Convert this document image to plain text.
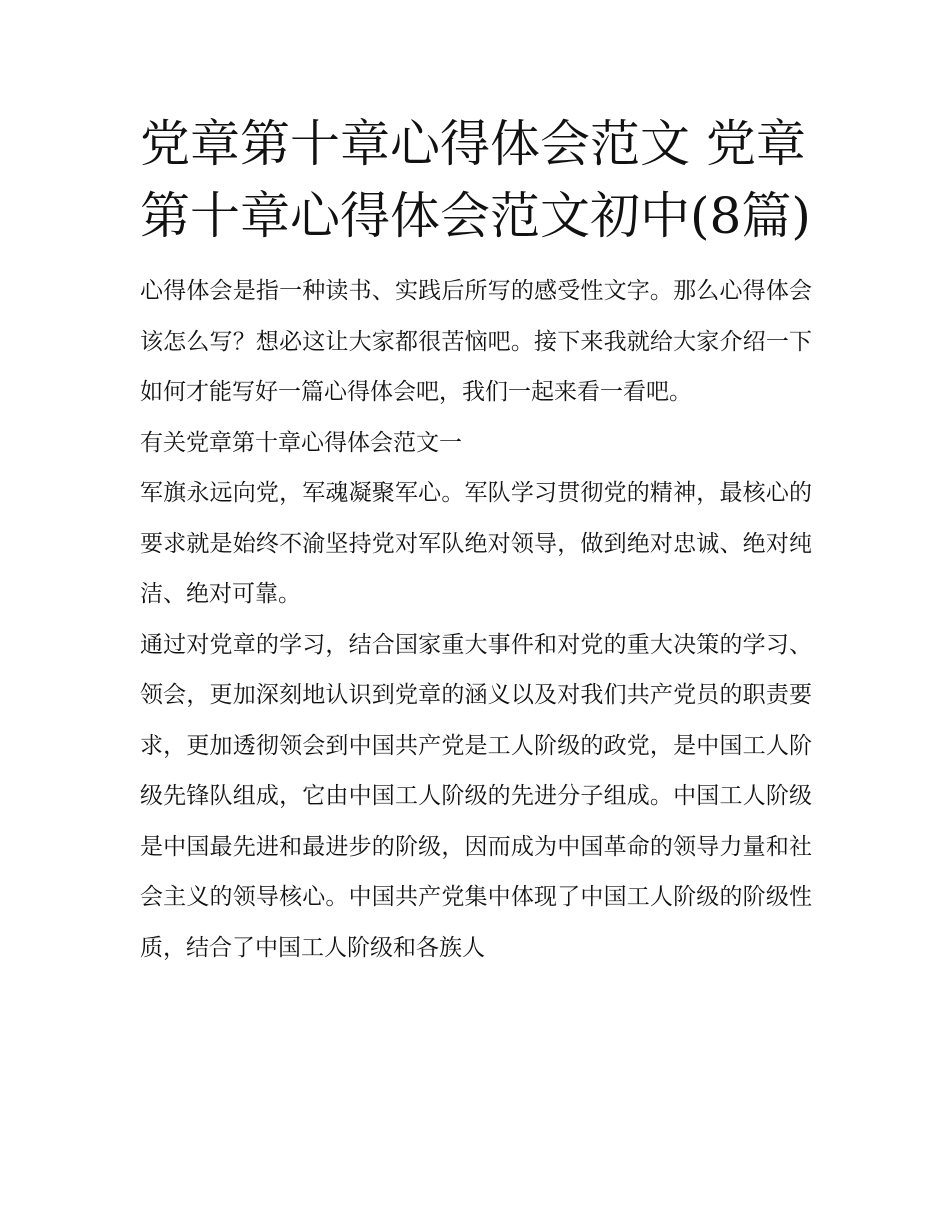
党章第十章心得体会范文 党章第十章心得体会范文初中(8篇)

心得体会是指一种读书、实践后所写的感受性文字。那么心得体会该怎么写？想必这让大家都很苦恼吧。接下来我就给大家介绍一下如何才能写好一篇心得体会吧，我们一起来看一看吧。

有关党章第十章心得体会范文一

军旗永远向党，军魂凝聚军心。军队学习贯彻党的精神，最核心的要求就是始终不渝坚持党对军队绝对领导，做到绝对忠诚、绝对纯洁、绝对可靠。

通过对党章的学习，结合国家重大事件和对党的重大决策的学习、领会，更加深刻地认识到党章的涵义以及对我们共产党员的职责要求，更加透彻领会到中国共产党是工人阶级的政党，是中国工人阶级先锋队组成，它由中国工人阶级的先进分子组成。中国工人阶级是中国最先进和最进步的阶级，因而成为中国革命的领导力量和社会主义的领导核心。中国共产党集中体现了中国工人阶级的阶级性质，结合了中国工人阶级和各族人
